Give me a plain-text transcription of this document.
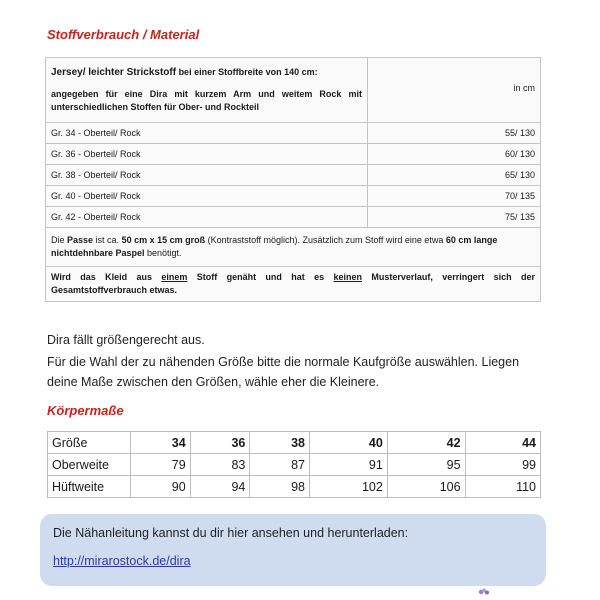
Stoffverbrauch / Material
Jersey/ leichter Strickstoff bei einer Stoffbreite von 140 cm:
angegeben für eine Dira mit kurzem Arm und weitem Rock mit unterschiedlichen Stoffen für Ober- und Rockteil	in cm
Gr. 34 - Oberteil/ Rock	55/ 130
Gr. 36 - Oberteil/ Rock	60/ 130
Gr. 38 - Oberteil/ Rock	65/ 130
Gr. 40 - Oberteil/ Rock	70/ 135
Gr. 42 - Oberteil/ Rock	75/ 135
Die Passe ist ca. 50 cm x 15 cm groß (Kontraststoff möglich). Zusätzlich zum Stoff wird eine etwa 60 cm lange nichtdehnbare Paspel benötigt.	
Wird das Kleid aus einem Stoff genäht und hat es keinen Musterverlauf, verringert sich der Gesamtstoffverbrauch etwas.	
Dira fällt größengerecht aus.
Für die Wahl der zu nähenden Größe bitte die normale Kaufgröße auswählen. Liegen deine Maße zwischen den Größen, wähle eher die Kleinere.
Körpermaße
Größe	34	36	38	40	42	44
Oberweite	79	83	87	91	95	99
Hüftweite	90	94	98	102	106	110
Die Nähanleitung kannst du dir hier ansehen und herunterladen:
http://mirarostock.de/dira
